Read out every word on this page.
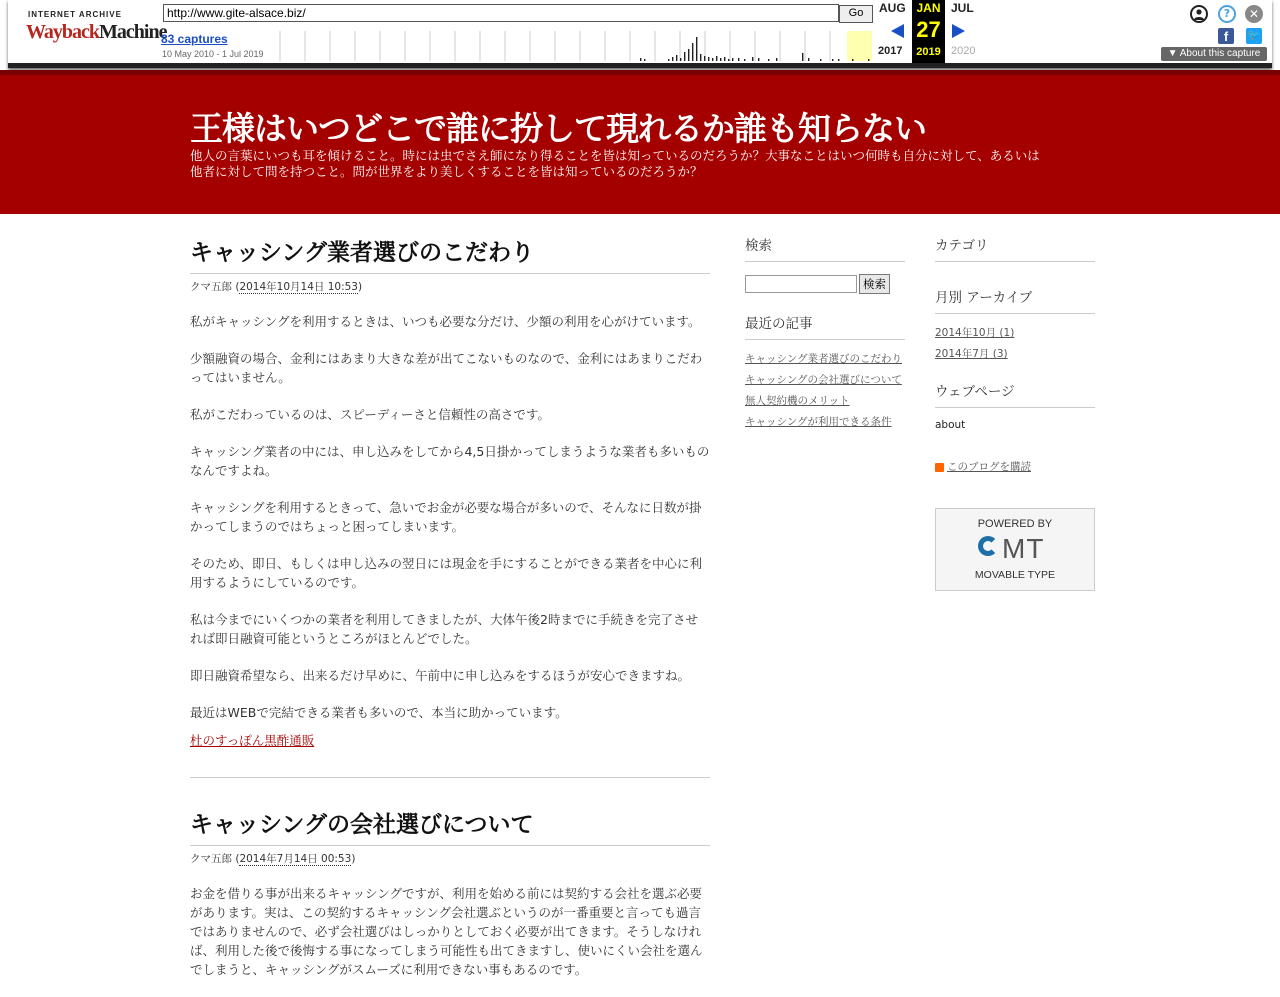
INTERNET ARCHIVE
WaybackMachine
http://www.gite-alsace.biz/	Go
83 captures
10 May 2010 - 1 Jul 2019
AUG
2017
JAN
27
2019
JUL
2020
?	✕
f	🐦
▼ About this capture
王様はいつどこで誰に扮して現れるか誰も知らない

他人の言葉にいつも耳を傾けること。時には虫でさえ師になり得ることを皆は知っているのだろうか？大事なことはいつ何時も自分に対して、あるいは他者に対して問を持つこと。問が世界をより美しくすることを皆は知っているのだろうか？

キャッシング業者選びのこだわり
クマ五郎 (2014年10月14日 10:53)

私がキャッシングを利用するときは、いつも必要な分だけ、少額の利用を心がけています。

少額融資の場合、金利にはあまり大きな差が出てこないものなので、金利にはあまりこだわってはいません。

私がこだわっているのは、スピーディーさと信頼性の高さです。

キャッシング業者の中には、申し込みをしてから4,5日掛かってしまうような業者も多いものなんですよね。

キャッシングを利用するときって、急いでお金が必要な場合が多いので、そんなに日数が掛かってしまうのではちょっと困ってしまいます。

そのため、即日、もしくは申し込みの翌日には現金を手にすることができる業者を中心に利用するようにしているのです。

私は今までにいくつかの業者を利用してきましたが、大体午後2時までに手続きを完了させれば即日融資可能というところがほとんどでした。

即日融資希望なら、出来るだけ早めに、午前中に申し込みをするほうが安心できますね。

最近はWEBで完結できる業者も多いので、本当に助かっています。

杜のすっぽん黒酢通販
キャッシングの会社選びについて
クマ五郎 (2014年7月14日 00:53)

お金を借りる事が出来るキャッシングですが、利用を始める前には契約する会社を選ぶ必要があります。実は、この契約するキャッシング会社選ぶというのが一番重要と言っても過言ではありませんので、必ず会社選びはしっかりとしておく必要が出てきます。そうしなければ、利用した後で後悔する事になってしまう可能性も出てきますし、使いにくい会社を選んでしまうと、キャッシングがスムーズに利用できない事もあるのです。

検索
検索
最近の記事
キャッシング業者選びのこだわり
キャッシングの会社選びについて
無人契約機のメリット
キャッシングが利用できる条件
カテゴリ
月別 アーカイブ
2014年10月 (1)
2014年7月 (3)
ウェブページ
about
このブログを購読
POWERED BY
MT
MOVABLE TYPE
